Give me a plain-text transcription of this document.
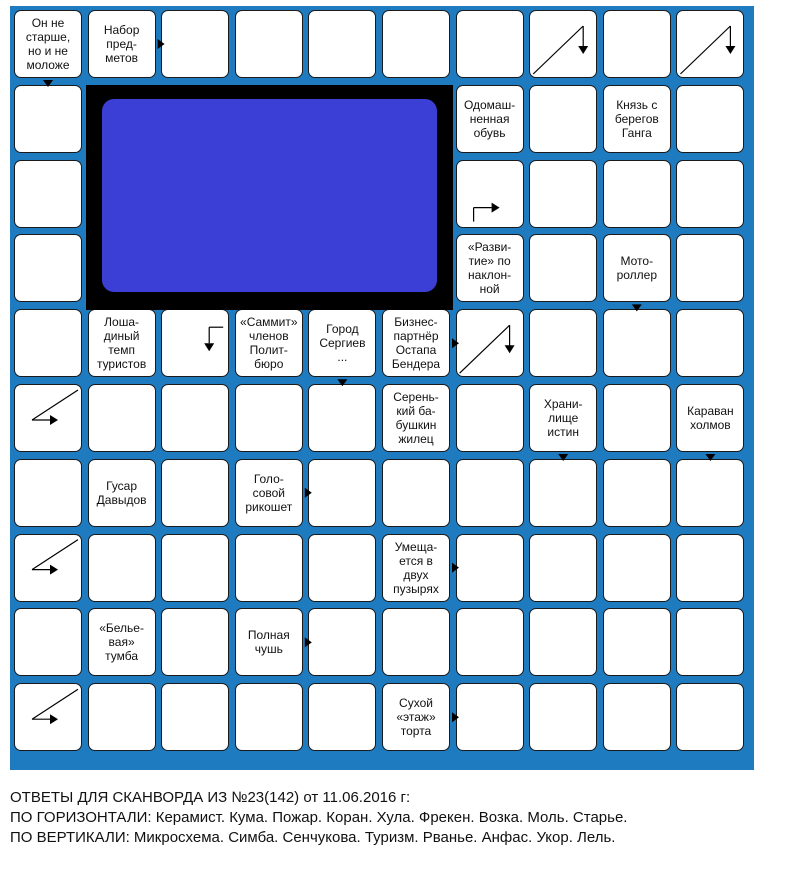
Он не
старше,
но и не
моложе
Набор
пред-
метов
Одомаш-
ненная
обувь
Князь с
берегов
Ганга
«Разви-
тие» по
наклон-
ной
Мото-
роллер
Лоша-
диный
темп
туристов
«Саммит»
членов
Полит-
бюро
Город
Сергиев
...
Бизнес-
партнёр
Остапа
Бендера
Серень-
кий ба-
бушкин
жилец
Храни-
лище
истин
Караван
холмов
Гусар
Давыдов
Голо-
совой
рикошет
Умеща-
ется в
двух
пузырях
«Белье-
вая»
тумба
Полная
чушь
Сухой
«этаж»
торта
ОТВЕТЫ ДЛЯ СКАНВОРДА ИЗ №23(142) от 11.06.2016 г:
ПО ГОРИЗОНТАЛИ: Керамист. Кума. Пожар. Коран. Хула. Фрекен. Возка. Моль. Старье.
ПО ВЕРТИКАЛИ: Микросхема. Симба. Сенчукова. Туризм. Рванье. Анфас. Укор. Лель.
